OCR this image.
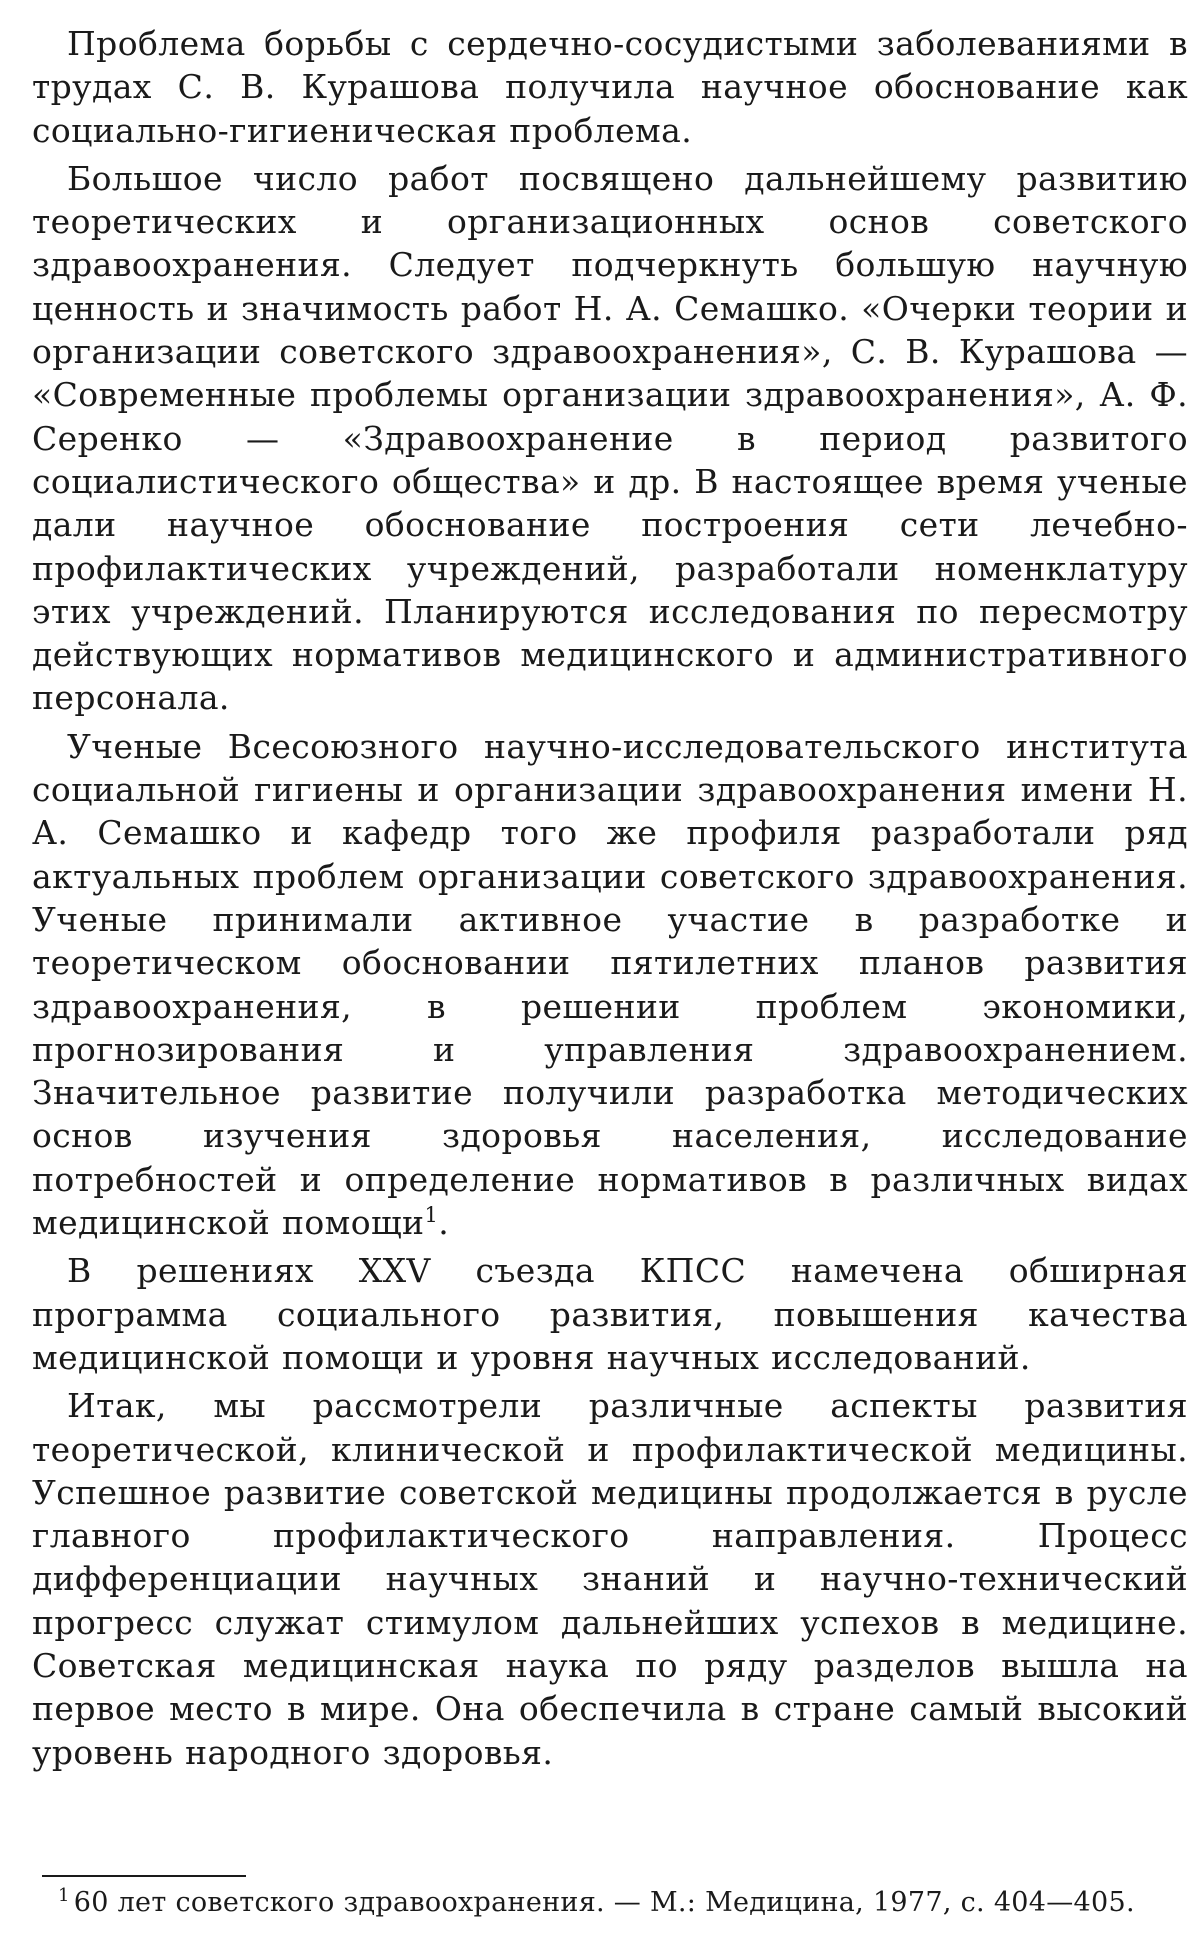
Проблема борьбы с сердечно-сосудистыми заболеваниями в трудах С. В. Курашова получила научное обоснование как социально-гигиеническая проблема.

Большое число работ посвящено дальнейшему развитию теоретических и организационных основ советского здравоохранения. Следует подчеркнуть большую научную ценность и значимость работ Н. А. Семашко. «Очерки теории и организации советского здравоохранения», С. В. Курашова — «Современные проблемы организации здравоохранения», А. Ф. Серенко — «Здравоохранение в период развитого социалистического общества» и др. В настоящее время ученые дали научное обоснование построения сети лечебно-профилактических учреждений, разработали номенклатуру этих учреждений. Планируются исследования по пересмотру действующих нормативов медицинского и административного персонала.

Ученые Всесоюзного научно-исследовательского института социальной гигиены и организации здравоохранения имени Н. А. Семашко и кафедр того же профиля разработали ряд актуальных проблем организации советского здравоохранения. Ученые принимали активное участие в разработке и теоретическом обосновании пятилетних планов развития здравоохранения, в решении проблем экономики, прогнозирования и управления здравоохранением. Значительное развитие получили разработка методических основ изучения здоровья населения, исследование потребностей и определение нормативов в различных видах медицинской помощи$^1$.

В решениях XXV съезда КПСС намечена обширная программа социального развития, повышения качества медицинской помощи и уровня научных исследований.

Итак, мы рассмотрели различные аспекты развития теоретической, клинической и профилактической медицины. Успешное развитие советской медицины продолжается в русле главного профилактического направления. Процесс дифференциации научных знаний и научно-технический прогресс служат стимулом дальнейших успехов в медицине. Советская медицинская наука по ряду разделов вышла на первое место в мире. Она обеспечила в стране самый высокий уровень народного здоровья.

$^1$ 60 лет советского здравоохранения. — М.: Медицина, 1977, с. 404—405.
